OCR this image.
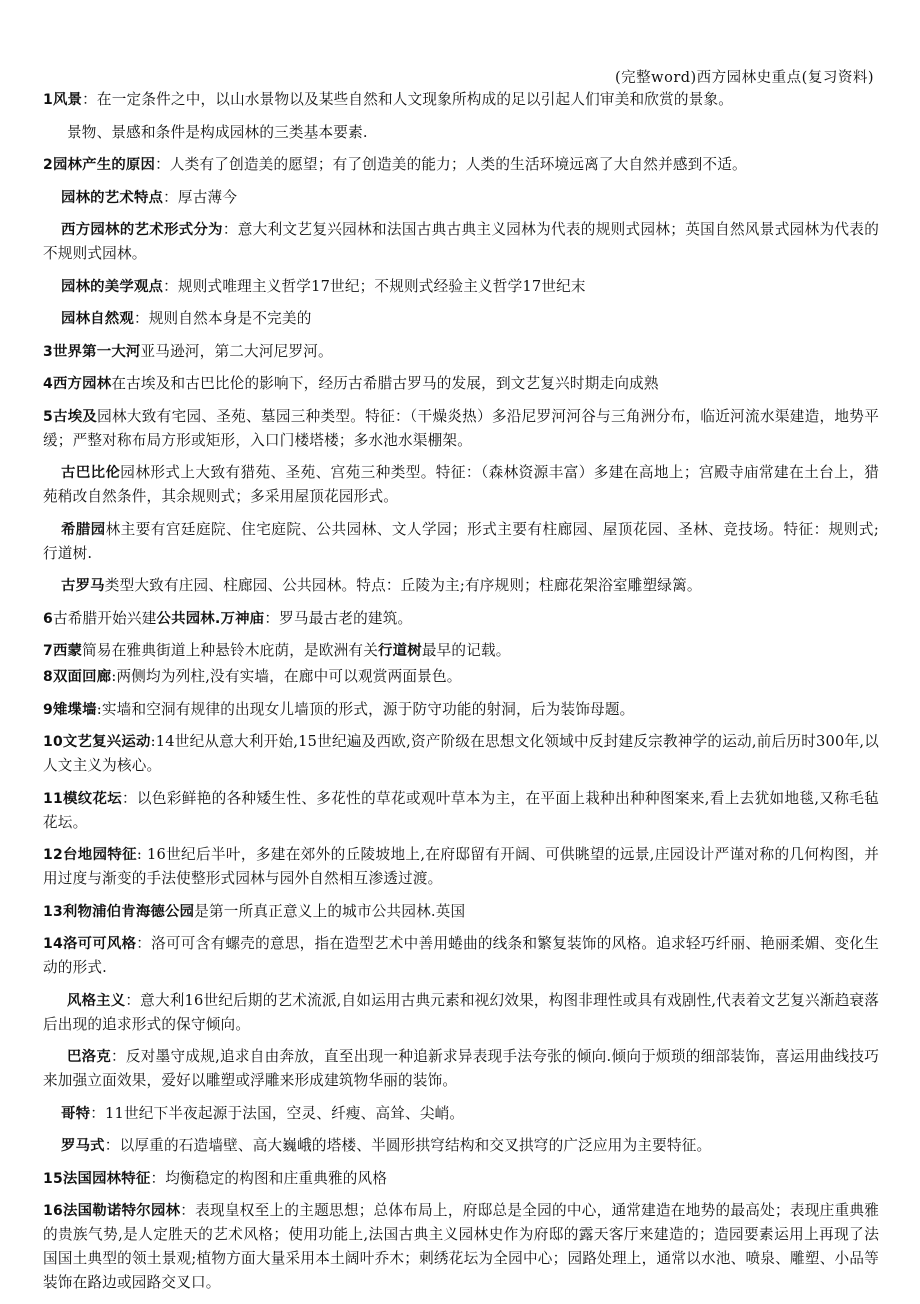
(完整word)西方园林史重点(复习资料)
1风景：在一定条件之中，以山水景物以及某些自然和人文现象所构成的足以引起人们审美和欣赏的景象。
景物、景感和条件是构成园林的三类基本要素.
2园林产生的原因：人类有了创造美的愿望；有了创造美的能力；人类的生活环境远离了大自然并感到不适。
园林的艺术特点：厚古薄今
西方园林的艺术形式分为：意大利文艺复兴园林和法国古典古典主义园林为代表的规则式园林；英国自然风景式园林为代表的不规则式园林。
园林的美学观点：规则式唯理主义哲学17世纪；不规则式经验主义哲学17世纪末
园林自然观：规则自然本身是不完美的
3世界第一大河亚马逊河，第二大河尼罗河。
4西方园林在古埃及和古巴比伦的影响下，经历古希腊古罗马的发展，到文艺复兴时期走向成熟
5古埃及园林大致有宅园、圣苑、墓园三种类型。特征：（干燥炎热）多沿尼罗河河谷与三角洲分布，临近河流水渠建造，地势平缓；严整对称布局方形或矩形，入口门楼塔楼；多水池水渠棚架。
古巴比伦园林形式上大致有猎苑、圣苑、宫苑三种类型。特征：（森林资源丰富）多建在高地上；宫殿寺庙常建在土台上，猎苑稍改自然条件，其余规则式；多采用屋顶花园形式。
希腊园林主要有宫廷庭院、住宅庭院、公共园林、文人学园；形式主要有柱廊园、屋顶花园、圣林、竞技场。特征：规则式;行道树.
古罗马类型大致有庄园、柱廊园、公共园林。特点：丘陵为主;有序规则；柱廊花架浴室雕塑绿篱。
6古希腊开始兴建公共园林.万神庙：罗马最古老的建筑。
7西蒙简易在雅典街道上种悬铃木庇荫，是欧洲有关行道树最早的记载。
8双面回廊:两侧均为列柱,没有实墙，在廊中可以观赏两面景色。
9雉堞墙:实墙和空洞有规律的出现女儿墙顶的形式，源于防守功能的射洞，后为装饰母题。
10文艺复兴运动:14世纪从意大利开始,15世纪遍及西欧,资产阶级在思想文化领域中反封建反宗教神学的运动,前后历时300年,以人文主义为核心。
11模纹花坛：以色彩鲜艳的各种矮生性、多花性的草花或观叶草本为主，在平面上栽种出种种图案来,看上去犹如地毯,又称毛毡花坛。
12台地园特征: 16世纪后半叶，多建在郊外的丘陵坡地上,在府邸留有开阔、可供眺望的远景,庄园设计严谨对称的几何构图，并用过度与渐变的手法使整形式园林与园外自然相互渗透过渡。
13利物浦伯肯海德公园是第一所真正意义上的城市公共园林.英国
14洛可可风格：洛可可含有螺壳的意思，指在造型艺术中善用蜷曲的线条和繁复装饰的风格。追求轻巧纤丽、艳丽柔媚、变化生动的形式.
风格主义：意大利16世纪后期的艺术流派,自如运用古典元素和视幻效果，构图非理性或具有戏剧性,代表着文艺复兴渐趋衰落后出现的追求形式的保守倾向。
巴洛克：反对墨守成规,追求自由奔放，直至出现一种追新求异表现手法夸张的倾向.倾向于烦琐的细部装饰，喜运用曲线技巧来加强立面效果，爱好以雕塑或浮雕来形成建筑物华丽的装饰。
哥特：11世纪下半夜起源于法国，空灵、纤瘦、高耸、尖峭。
罗马式：以厚重的石造墙壁、高大巍峨的塔楼、半圆形拱穹结构和交叉拱穹的广泛应用为主要特征。
15法国园林特征：均衡稳定的构图和庄重典雅的风格
16法国勒诺特尔园林：表现皇权至上的主题思想；总体布局上，府邸总是全园的中心，通常建造在地势的最高处；表现庄重典雅的贵族气势,是人定胜天的艺术风格；使用功能上,法国古典主义园林史作为府邸的露天客厅来建造的；造园要素运用上再现了法国国土典型的领土景观;植物方面大量采用本土阔叶乔木；刺绣花坛为全园中心；园路处理上，通常以水池、喷泉、雕塑、小品等装饰在路边或园路交叉口。
